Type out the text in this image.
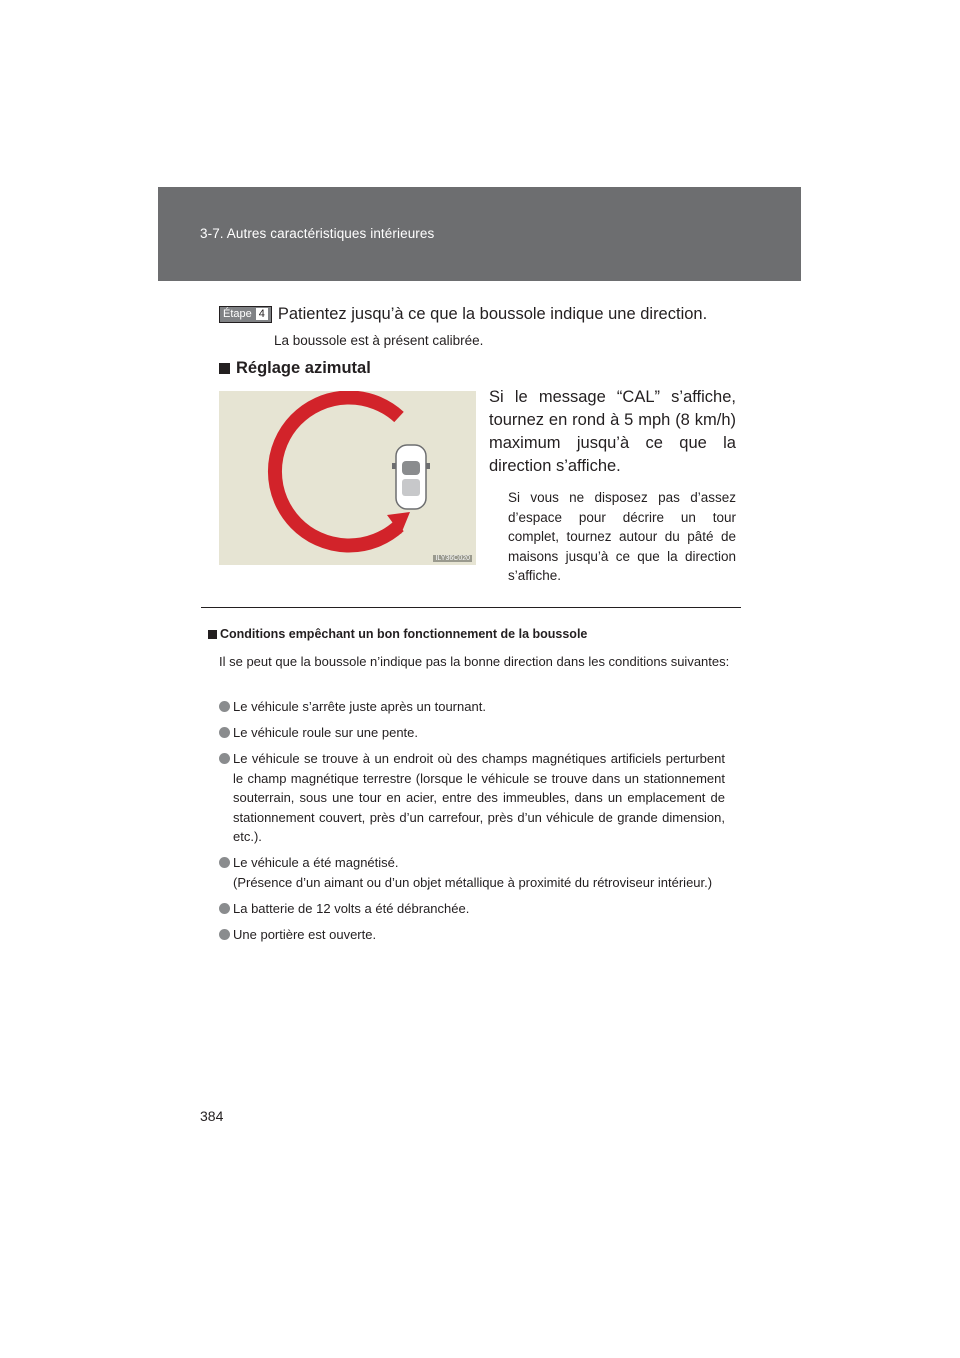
3-7. Autres caractéristiques intérieures
Étape 4 Patientez jusqu’à ce que la boussole indique une direction.
La boussole est à présent calibrée.
Réglage azimutal
ILY36C020
Si le message “CAL” s’affiche, tournez en rond à 5 mph (8 km/h) maximum jusqu’à ce que la direction s’affiche.
Si vous ne disposez pas d’assez d’espace pour décrire un tour complet, tournez autour du pâté de maisons jusqu’à ce que la direction s’affiche.
Conditions empêchant un bon fonctionnement de la boussole
Il se peut que la boussole n’indique pas la bonne direction dans les conditions suivantes:
Le véhicule s’arrête juste après un tournant.
Le véhicule roule sur une pente.
Le véhicule se trouve à un endroit où des champs magnétiques artificiels perturbent le champ magnétique terrestre (lorsque le véhicule se trouve dans un stationnement souterrain, sous une tour en acier, entre des immeubles, dans un emplacement de stationnement couvert, près d’un carrefour, près d’un véhicule de grande dimension, etc.).
Le véhicule a été magnétisé.
(Présence d’un aimant ou d’un objet métallique à proximité du rétroviseur intérieur.)
La batterie de 12 volts a été débranchée.
Une portière est ouverte.
384
